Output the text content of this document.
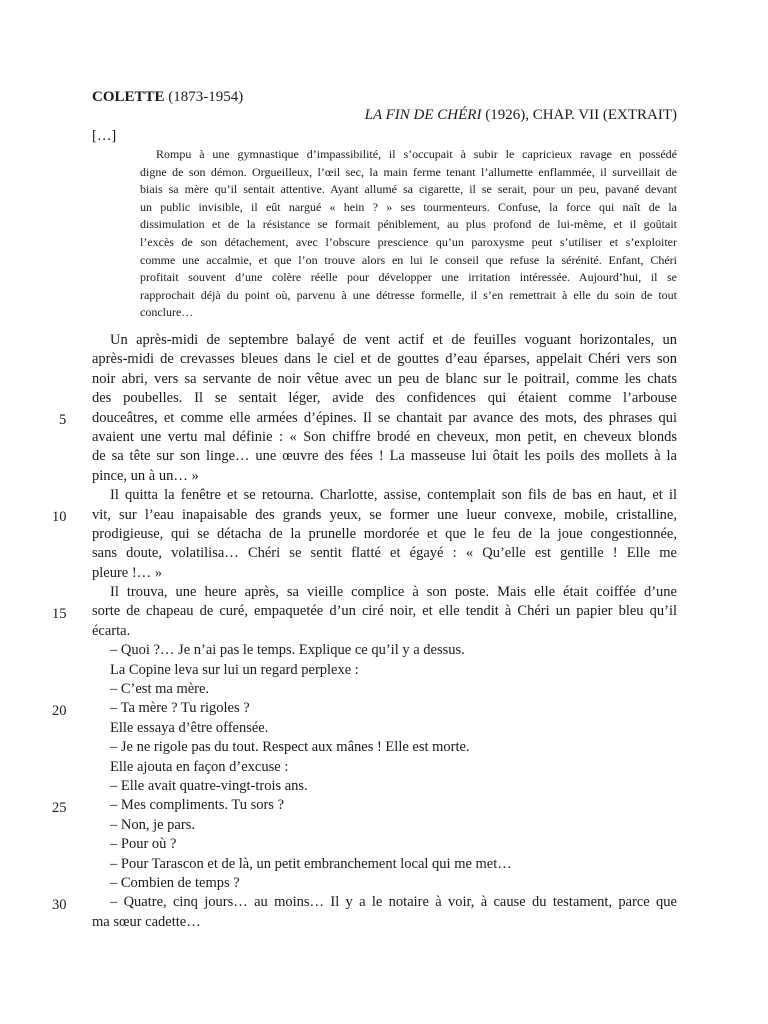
COLETTE (1873-1954)
LA FIN DE CHÉRI (1926), CHAP. VII (EXTRAIT)
[…]
Rompu à une gymnastique d’impassibilité, il s’occupait à subir le capricieux ravage en possédé
digne de son démon. Orgueilleux, l’œil sec, la main ferme tenant l’allumette enflammée, il surveillait de
biais sa mère qu’il sentait attentive. Ayant allumé sa cigarette, il se serait, pour un peu, pavané devant
un public invisible, il eût nargué « hein ? » ses tourmenteurs. Confuse, la force qui naît de la
dissimulation et de la résistance se formait péniblement, au plus profond de lui-même, et il goûtait
l’excès de son détachement, avec l’obscure prescience qu’un paroxysme peut s’utiliser et s’exploiter
comme une accalmie, et que l’on trouve alors en lui le conseil que refuse la sérénité. Enfant, Chéri
profitait souvent d’une colère réelle pour développer une irritation intéressée. Aujourd’hui, il se
rapprochait déjà du point où, parvenu à une détresse formelle, il s’en remettrait à elle du soin de tout
conclure…
5
10
15
20
25
30
Un après-midi de septembre balayé de vent actif et de feuilles voguant horizontales, un
après-midi de crevasses bleues dans le ciel et de gouttes d’eau éparses, appelait Chéri vers son
noir abri, vers sa servante de noir vêtue avec un peu de blanc sur le poitrail, comme les chats
des poubelles. Il se sentait léger, avide des confidences qui étaient comme l’arbouse
douceâtres, et comme elle armées d’épines. Il se chantait par avance des mots, des phrases qui
avaient une vertu mal définie : « Son chiffre brodé en cheveux, mon petit, en cheveux blonds
de sa tête sur son linge… une œuvre des fées ! La masseuse lui ôtait les poils des mollets à la
pince, un à un… »
Il quitta la fenêtre et se retourna. Charlotte, assise, contemplait son fils de bas en haut, et il
vit, sur l’eau inapaisable des grands yeux, se former une lueur convexe, mobile, cristalline,
prodigieuse, qui se détacha de la prunelle mordorée et que le feu de la joue congestionnée,
sans doute, volatilisa… Chéri se sentit flatté et égayé : « Qu’elle est gentille ! Elle me
pleure !… »
Il trouva, une heure après, sa vieille complice à son poste. Mais elle était coiffée d’une
sorte de chapeau de curé, empaquetée d’un ciré noir, et elle tendit à Chéri un papier bleu qu’il
écarta.
– Quoi ?… Je n’ai pas le temps. Explique ce qu’il y a dessus.
La Copine leva sur lui un regard perplexe :
– C’est ma mère.
– Ta mère ? Tu rigoles ?
Elle essaya d’être offensée.
– Je ne rigole pas du tout. Respect aux mânes ! Elle est morte.
Elle ajouta en façon d’excuse :
– Elle avait quatre-vingt-trois ans.
– Mes compliments. Tu sors ?
– Non, je pars.
– Pour où ?
– Pour Tarascon et de là, un petit embranchement local qui me met…
– Combien de temps ?
– Quatre, cinq jours… au moins… Il y a le notaire à voir, à cause du testament, parce que
ma sœur cadette…
